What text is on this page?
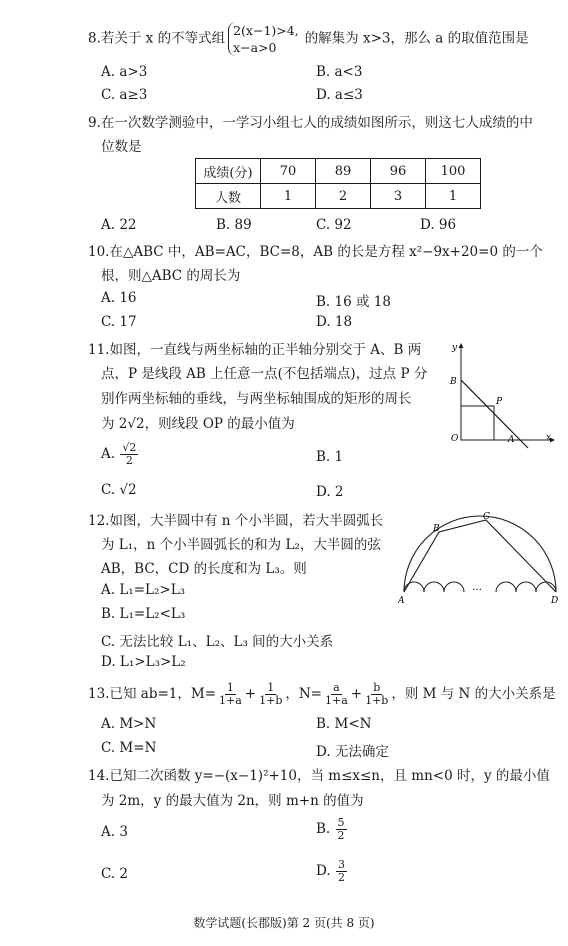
8.若关于 x 的不等式组 2(x−1)>4,
x−a>0
的解集为 x>3，那么 a 的取值范围是
A. a>3	B. a<3
C. a≥3	D. a≤3
9.在一次数学测验中，一学习小组七人的成绩如图所示，则这七人成绩的中
位数是
成绩(分)	70	89	96	100
人数	1	2	3	1
A. 22	B. 89	C. 92	D. 96
10.在△ABC 中，AB=AC，BC=8，AB 的长是方程 x²−9x+20=0 的一个
根，则△ABC 的周长为
A. 16	B. 16 或 18
C. 17	D. 18
11.如图，一直线与两坐标轴的正半轴分别交于 A、B 两
点，P 是线段 AB 上任意一点(不包括端点)，过点 P 分
别作两坐标轴的垂线，与两坐标轴围成的矩形的周长
为 2√2，则线段 OP 的最小值为
A. $\frac{√2}{2}$	B. 1
C. √2	D. 2
y
B
P
O	A	x
12.如图，大半圆中有 n 个小半圆，若大半圆弧长
为 L₁，n 个小半圆弧长的和为 L₂，大半圆的弦
AB，BC，CD 的长度和为 L₃。则
A. L₁=L₂>L₃
B. L₁=L₂<L₃
C. 无法比较 L₁、L₂、L₃ 间的大小关系
D. L₁>L₃>L₂
…
A
B
C
D
13.已知 ab=1，$M= \frac{1}{1+a} + \frac{1}{1+b}$ ，$N= \frac{a}{1+a} + \frac{b}{1+b}$ ，则 M 与 N 的大小关系是
A. M>N	B. M<N
C. M=N	D. 无法确定
14.已知二次函数 y=−(x−1)²+10，当 m≤x≤n，且 mn<0 时，y 的最小值
为 2m，y 的最大值为 2n，则 m+n 的值为
A. 3	B. $\frac{5}{2}$
C. 2	D. $\frac{3}{2}$
数学试题(长郡版)第 2 页(共 8 页)
